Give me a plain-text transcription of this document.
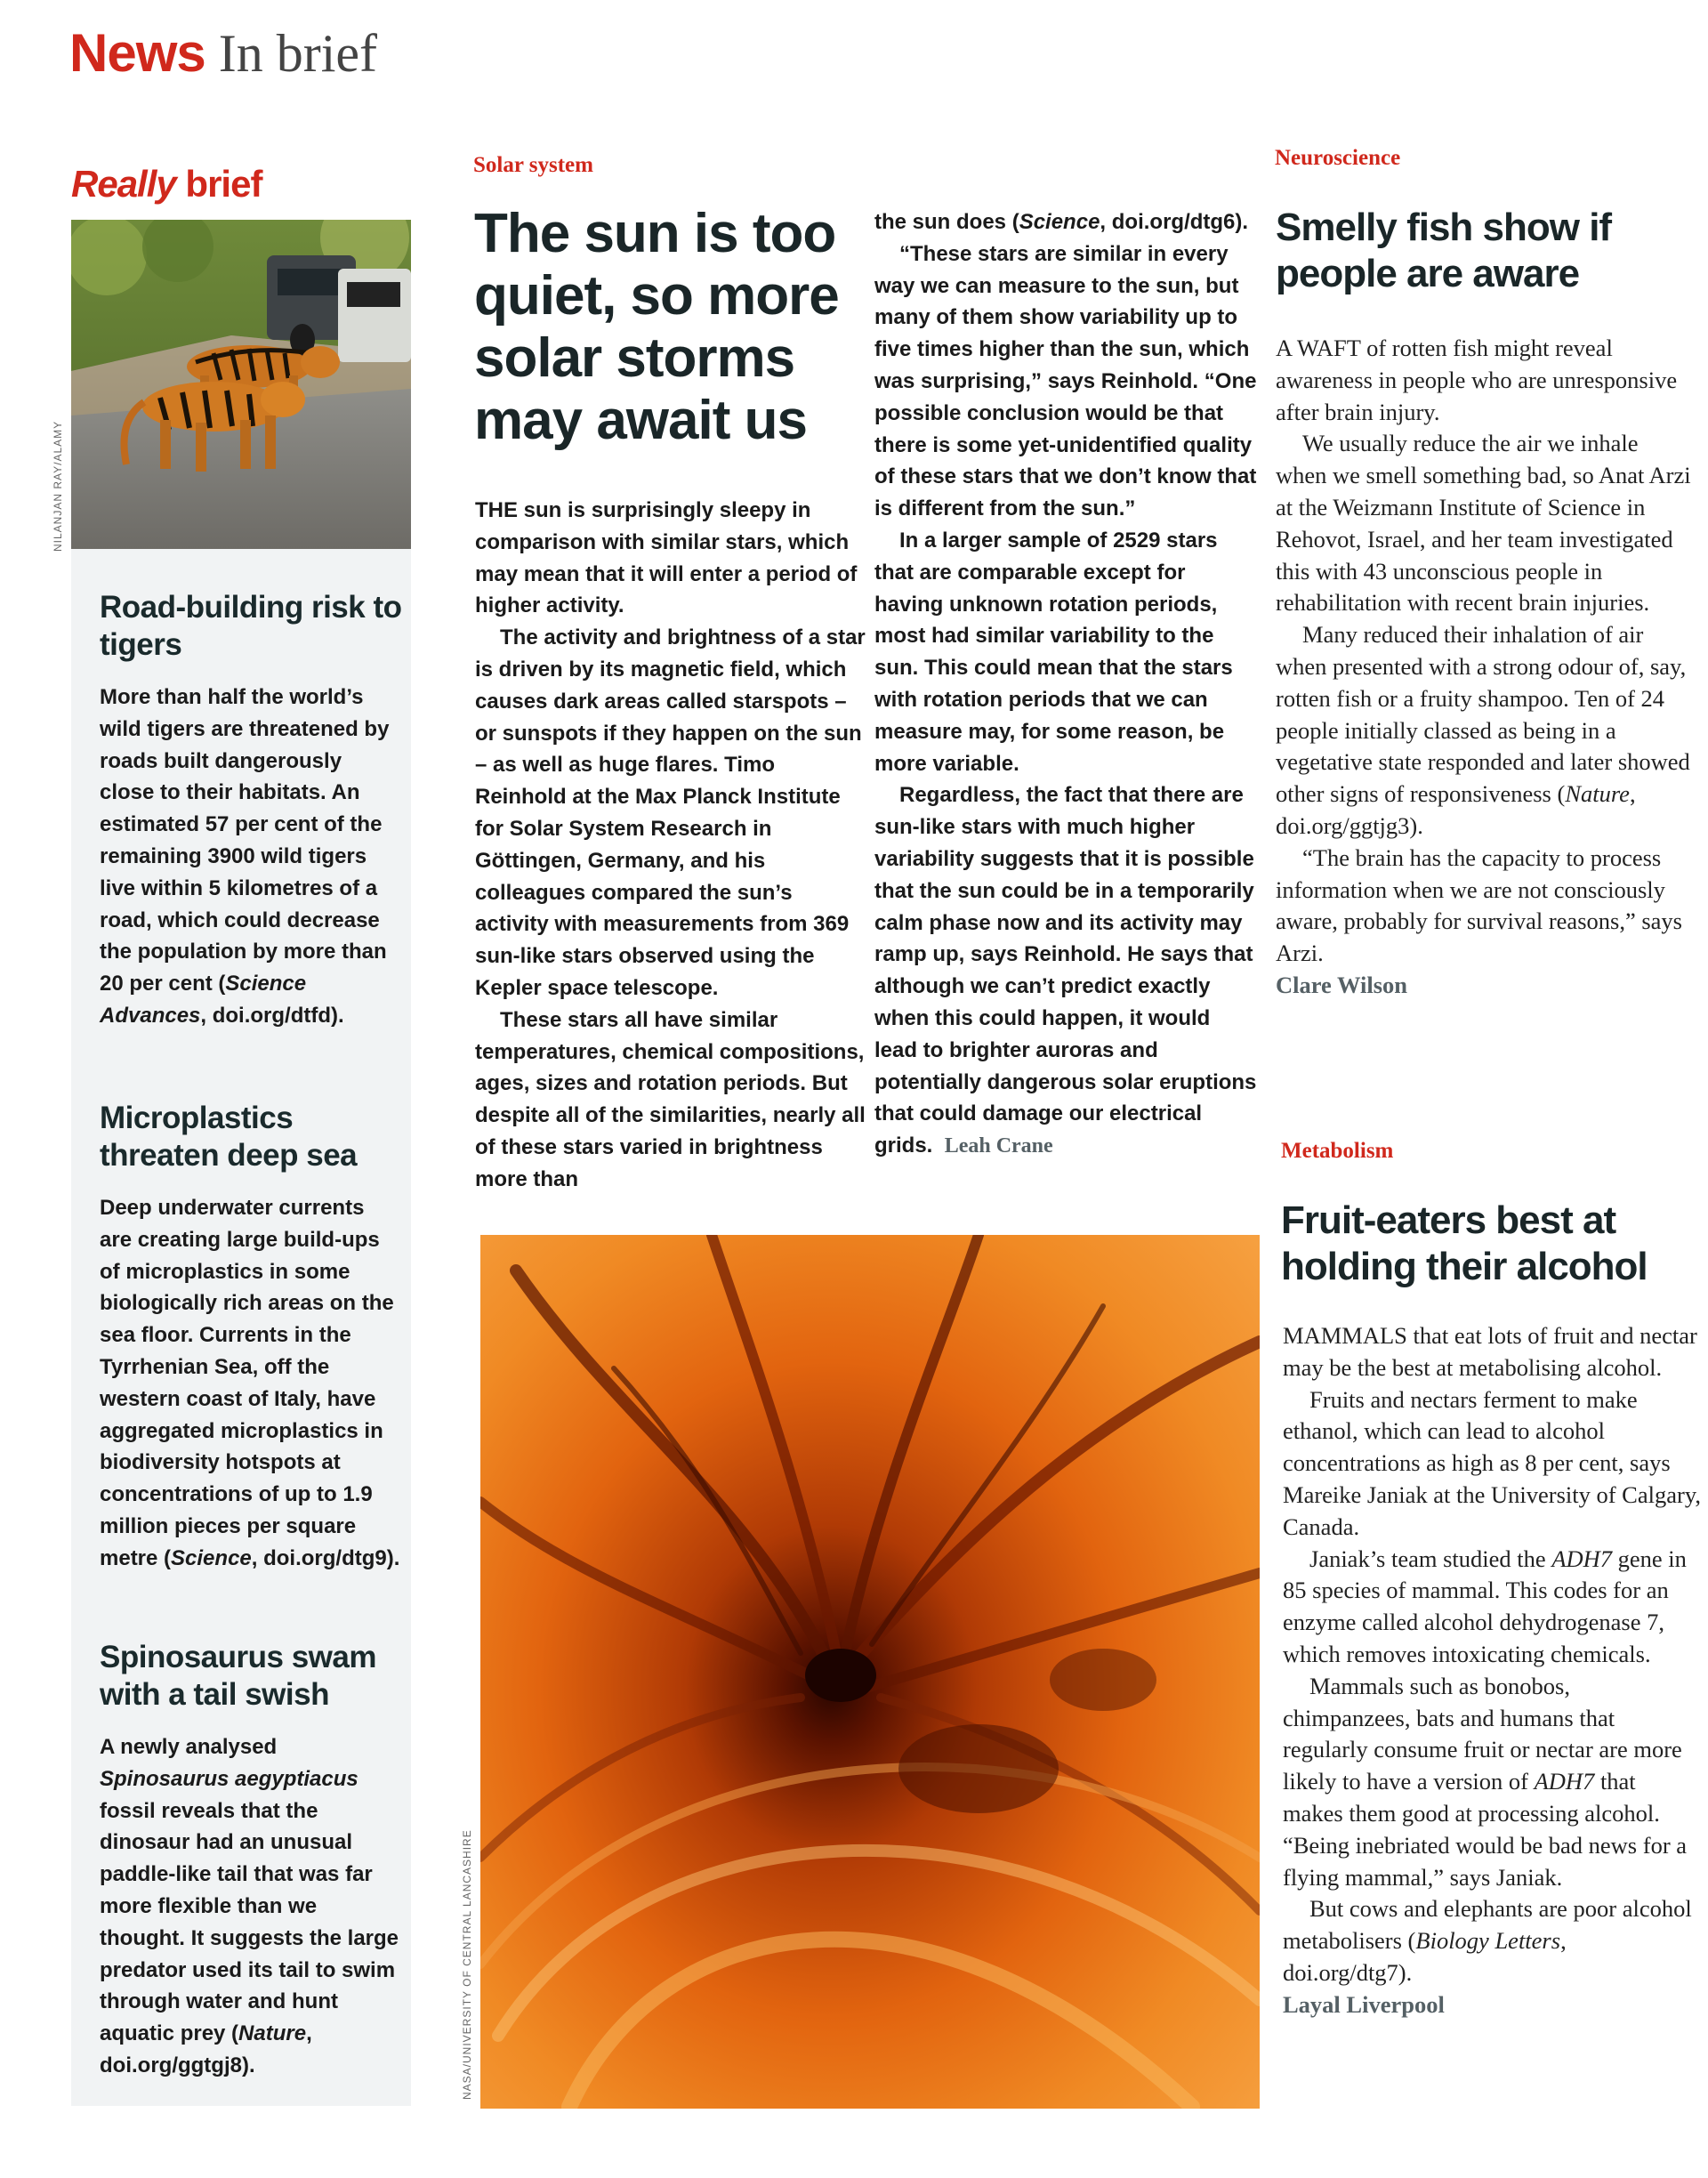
News In brief
Really brief
NILANJAN RAY/ALAMY
Road-building risk to tigers

More than half the world’s wild tigers are threatened by roads built dangerously close to their habitats. An estimated 57 per cent of the remaining 3900 wild tigers live within 5 kilometres of a road, which could decrease the population by more than 20 per cent (Science Advances, doi.org/dtfd).

Microplastics threaten deep sea

Deep underwater currents are creating large build-ups of microplastics in some biologically rich areas on the sea floor. Currents in the Tyrrhenian Sea, off the western coast of Italy, have aggregated microplastics in biodiversity hotspots at concentrations of up to 1.9 million pieces per square metre (Science, doi.org/dtg9).

Spinosaurus swam with a tail swish

A newly analysed Spinosaurus aegyptiacus fossil reveals that the dinosaur had an unusual paddle-like tail that was far more flexible than we thought. It suggests the large predator used its tail to swim through water and hunt aquatic prey (Nature, doi.org/ggtgj8).

Solar system
The sun is too quiet, so more solar storms may await us

THE sun is surprisingly sleepy in comparison with similar stars, which may mean that it will enter a period of higher activity.

The activity and brightness of a star is driven by its magnetic field, which causes dark areas called starspots – or sunspots if they happen on the sun – as well as huge flares. Timo Reinhold at the Max Planck Institute for Solar System Research in Göttingen, Germany, and his colleagues compared the sun’s activity with measurements from 369 sun-like stars observed using the Kepler space telescope.

These stars all have similar temperatures, chemical compositions, ages, sizes and rotation periods. But despite all of the similarities, nearly all of these stars varied in brightness more than

the sun does (Science, doi.org/dtg6).

“These stars are similar in every way we can measure to the sun, but many of them show variability up to five times higher than the sun, which was surprising,” says Reinhold. “One possible conclusion would be that there is some yet-unidentified quality of these stars that we don’t know that is different from the sun.”

In a larger sample of 2529 stars that are comparable except for having unknown rotation periods, most had similar variability to the sun. This could mean that the stars with rotation periods that we can measure may, for some reason, be more variable.

Regardless, the fact that there are sun-like stars with much higher variability suggests that it is possible that the sun could be in a temporarily calm phase now and its activity may ramp up, says Reinhold. He says that although we can’t predict exactly when this could happen, it would lead to brighter auroras and potentially dangerous solar eruptions that could damage our electrical grids. Leah Crane

NASA/UNIVERSITY OF CENTRAL LANCASHIRE
Neuroscience
Smelly fish show if people are aware

A WAFT of rotten fish might reveal awareness in people who are unresponsive after brain injury.

We usually reduce the air we inhale when we smell something bad, so Anat Arzi at the Weizmann Institute of Science in Rehovot, Israel, and her team investigated this with 43 unconscious people in rehabilitation with recent brain injuries.

Many reduced their inhalation of air when presented with a strong odour of, say, rotten fish or a fruity shampoo. Ten of 24 people initially classed as being in a vegetative state responded and later showed other signs of responsiveness (Nature, doi.org/ggtjg3).

“The brain has the capacity to process information when we are not consciously aware, probably for survival reasons,” says Arzi.

Clare Wilson
Metabolism
Fruit-eaters best at holding their alcohol

MAMMALS that eat lots of fruit and nectar may be the best at metabolising alcohol.

Fruits and nectars ferment to make ethanol, which can lead to alcohol concentrations as high as 8 per cent, says Mareike Janiak at the University of Calgary, Canada.

Janiak’s team studied the ADH7 gene in 85 species of mammal. This codes for an enzyme called alcohol dehydrogenase 7, which removes intoxicating chemicals.

Mammals such as bonobos, chimpanzees, bats and humans that regularly consume fruit or nectar are more likely to have a version of ADH7 that makes them good at processing alcohol. “Being inebriated would be bad news for a flying mammal,” says Janiak.

But cows and elephants are poor alcohol metabolisers (Biology Letters, doi.org/dtg7).

Layal Liverpool
